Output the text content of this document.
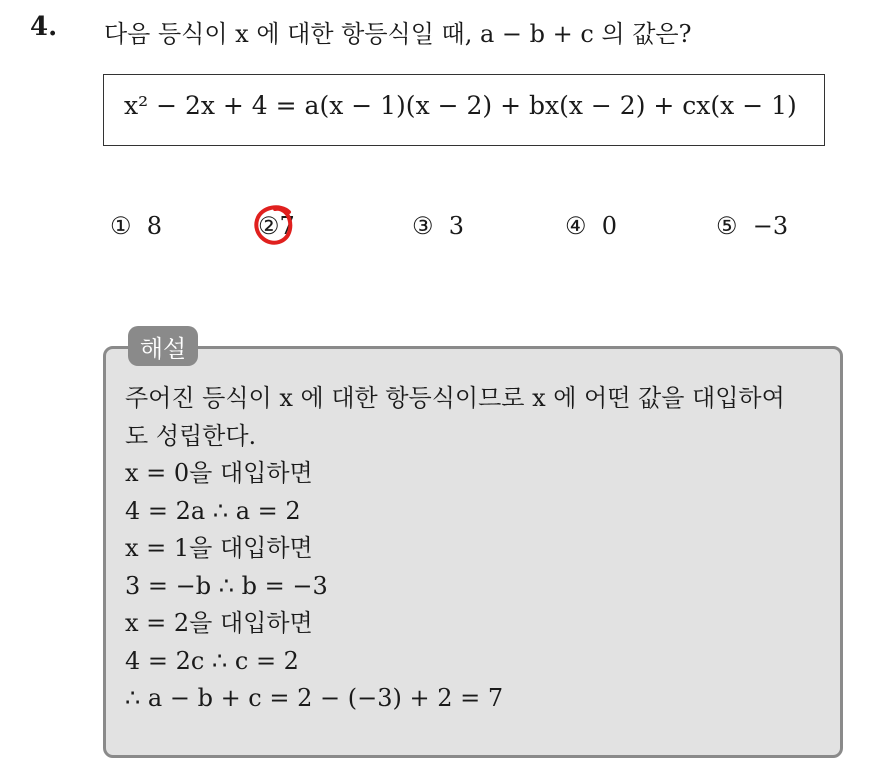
4. 다음 등식이 x 에 대한 항등식일 때, a − b + c 의 값은?
x² − 2x + 4 = a(x − 1)(x − 2) + bx(x − 2) + cx(x − 1)
① 8	②7	③ 3	④ 0	⑤ −3
해설
주어진 등식이 x 에 대한 항등식이므로 x 에 어떤 값을 대입하여
도 성립한다.
x = 0을 대입하면
4 = 2a ∴ a = 2
x = 1을 대입하면
3 = −b ∴ b = −3
x = 2을 대입하면
4 = 2c ∴ c = 2
∴ a − b + c = 2 − (−3) + 2 = 7
